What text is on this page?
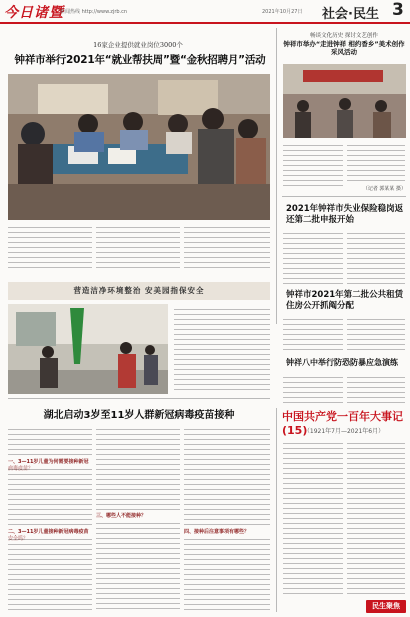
今日诸暨
新闻热线 http://www.zjrb.cn	2021年10月27日 社会·民生 3
16家企业提供就业岗位3000个
钟祥市举行2021年“就业帮扶周”暨“金秋招聘月”活动
畅谈文化历史 探讨文艺创作
钟祥市举办“走进钟祥 相约香乡”美术创作采风活动
（记者 郭某某 摄）
2021年钟祥市失业保险稳岗返还第二批申报开始
钟祥市2021年第二批公共租赁住房公开抓阄分配
钟祥八中举行防恐防暴应急演练
营造洁净环境整治 安美园指保安全
湖北启动3岁至11岁人群新冠病毒疫苗接种
一、3—11岁儿童为何需要接种新冠
二、3—11岁儿童接种新冠病毒疫苗
三、哪些人不能接种？
四、接种后注意事项有哪些？
中国共产党一百年大事记(15)
（1921年7月—2021年6月）
民生聚焦
